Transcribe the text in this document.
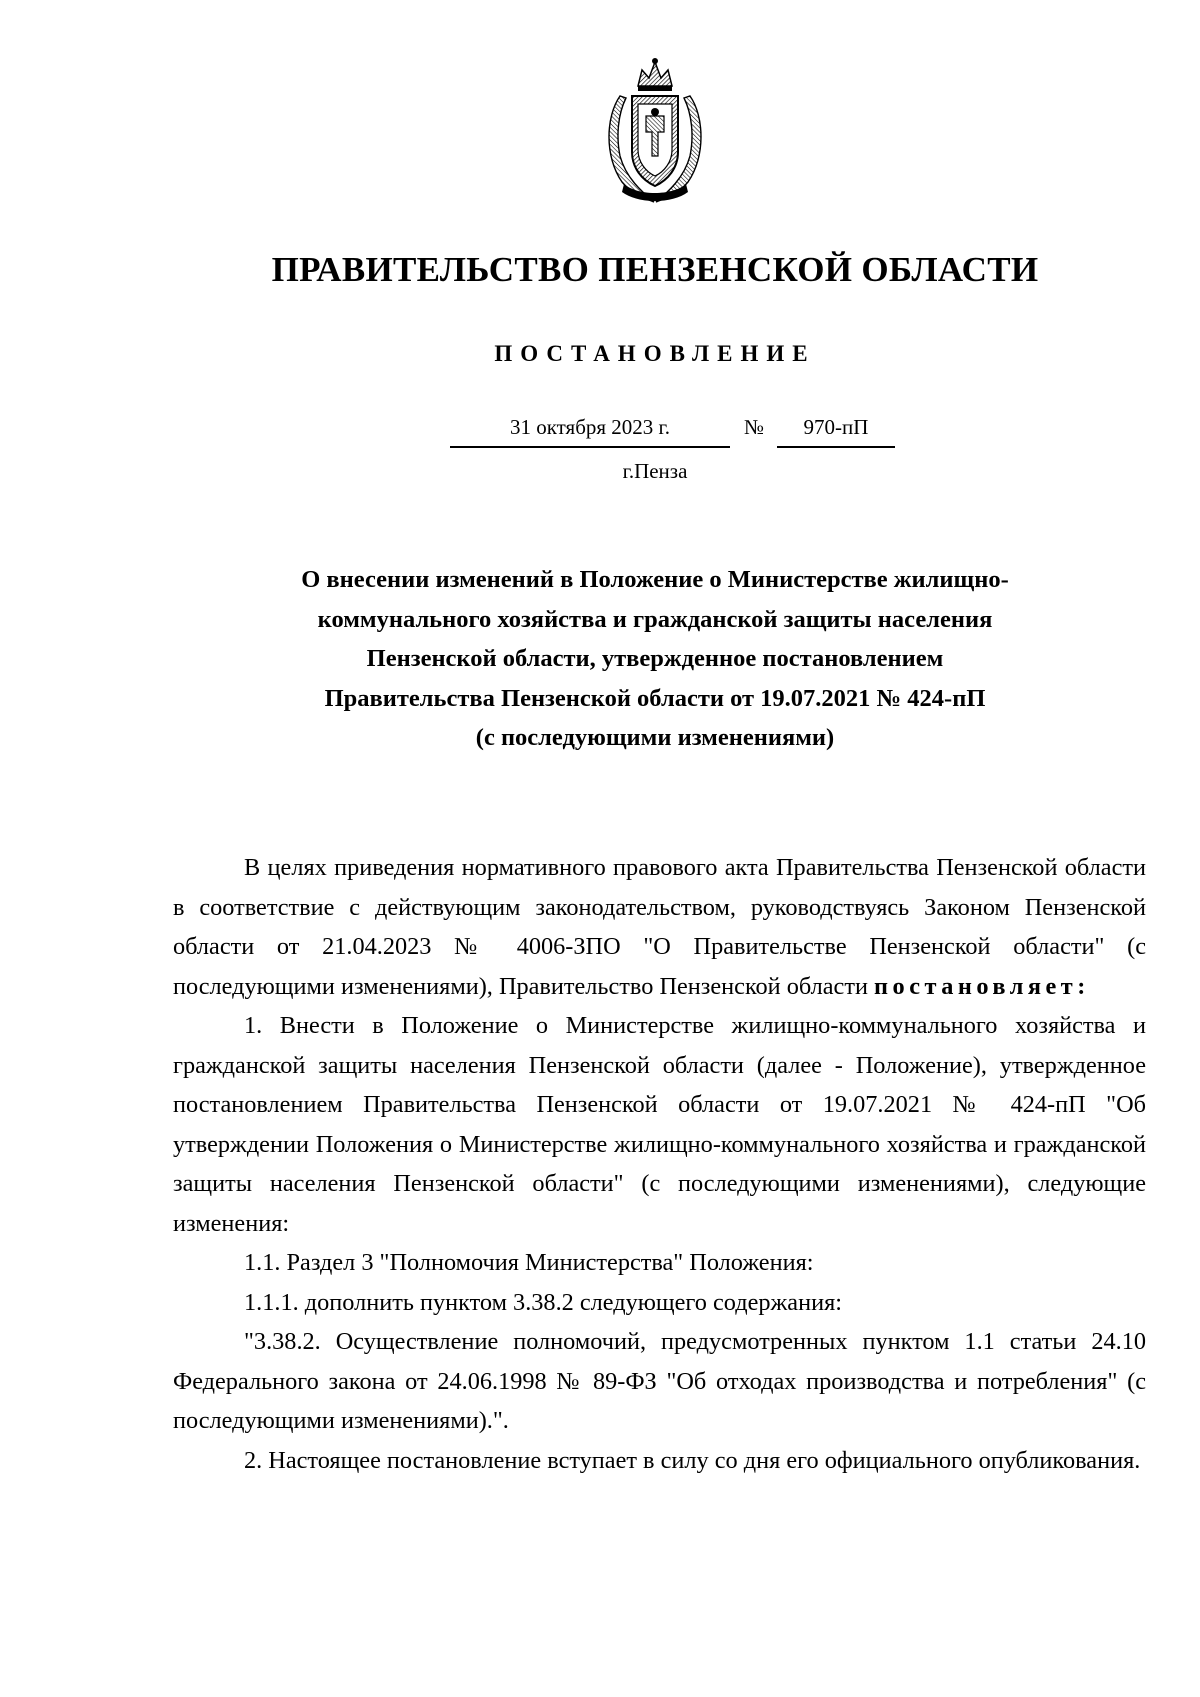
ПРАВИТЕЛЬСТВО ПЕНЗЕНСКОЙ ОБЛАСТИ
ПОСТАНОВЛЕНИЕ
31 октября 2023 г.	№	970-пП
г.Пенза
О внесении изменений в Положение о Министерстве жилищно-
коммунального хозяйства и гражданской защиты населения
Пензенской области, утвержденное постановлением
Правительства Пензенской области от 19.07.2021 № 424-пП
(с последующими изменениями)

В целях приведения нормативного правового акта Правительства Пензенской области в соответствие с действующим законодательством, руководствуясь Законом Пензенской области от 21.04.2023 № 4006-ЗПО "О Правительстве Пензенской области" (с последующими изменениями), Правительство Пензенской области постановляет:

1. Внести в Положение о Министерстве жилищно-коммунального хозяйства и гражданской защиты населения Пензенской области (далее - Положение), утвержденное постановлением Правительства Пензенской области от 19.07.2021 № 424-пП "Об утверждении Положения о Министерстве жилищно-коммунального хозяйства и гражданской защиты населения Пензенской области" (с последующими изменениями), следующие изменения:

1.1. Раздел 3 "Полномочия Министерства" Положения:

1.1.1. дополнить пунктом 3.38.2 следующего содержания:

"3.38.2. Осуществление полномочий, предусмотренных пунктом 1.1 статьи 24.10 Федерального закона от 24.06.1998 № 89-ФЗ "Об отходах производства и потребления" (с последующими изменениями).".

2. Настоящее постановление вступает в силу со дня его официального опубликования.
